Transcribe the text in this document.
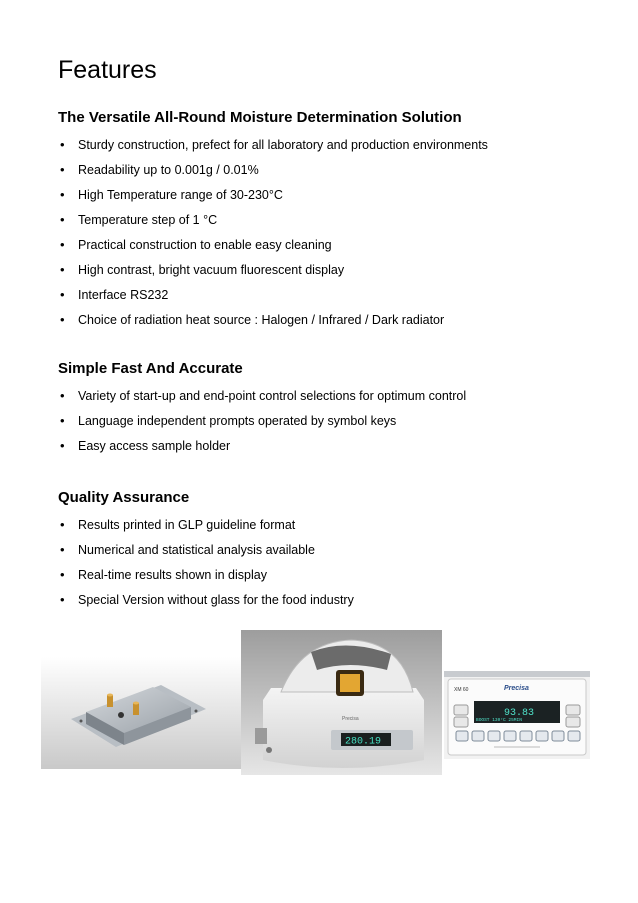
Features
The Versatile All-Round Moisture Determination Solution
• Sturdy construction, prefect for all laboratory and production environments
• Readability up to 0.001g / 0.01%
• High Temperature range of 30-230°C
• Temperature step of 1 °C
• Practical construction to enable easy cleaning
• High contrast, bright vacuum fluorescent display
• Interface RS232
• Choice of radiation heat source : Halogen / Infrared / Dark radiator
Simple Fast And Accurate
• Variety of start-up and end-point control selections for optimum control
• Language independent prompts operated by symbol keys
• Easy access sample holder
Quality Assurance
• Results printed in GLP guideline format
• Numerical and statistical analysis available
• Real-time results shown in display
• Special Version without glass for the food industry
Precisa
280.19
XM 60	Precisa
93.83
BOOST 130°C 25MIN
